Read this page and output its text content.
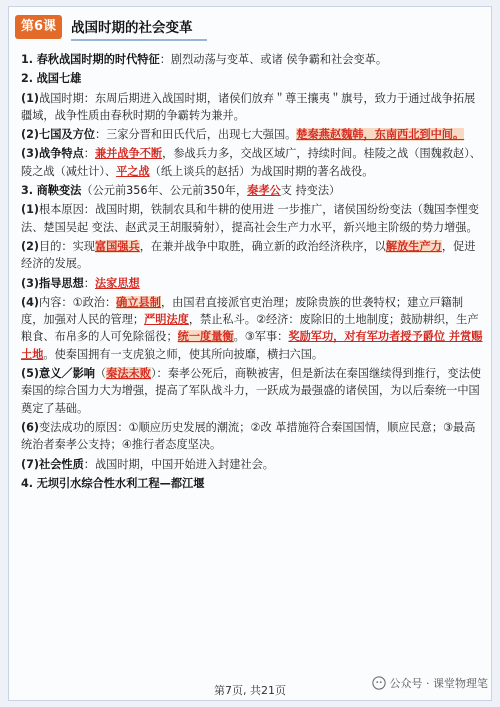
第6课	战国时期的社会变革

1. 春秋战国时期的时代特征：剧烈动荡与变革、或诸 侯争霸和社会变革。

2. 战国七雄

(1)战国时期：东周后期进入战国时期，诸侯们放弃＂尊王攘夷＂旗号，致力于通过战争拓展疆域，战争性质由春秋时期的争霸转为兼并。

(2)七国及方位：三家分晋和田氏代后，出现七大强国。楚秦燕赵魏韩，东南西北到中间。

(3)战争特点：兼并战争不断，参战兵力多，交战区域广，持续时间。桂陵之战（围魏救赵）、陵之战（减灶计）、平之战（纸上谈兵的赵括）为战国时期的著名战役。

3. 商鞅变法（公元前356年、公元前350年，秦孝公支 持变法）

(1)根本原因：战国时期，铁制农具和牛耕的使用进 一步推广，诸侯国纷纷变法（魏国李悝变法、楚国吴起 变法、赵武灵王胡服骑射），提高社会生产力水平，新兴地主阶级的势力增强。

(2)目的：实现富国强兵，在兼并战争中取胜，确立新的政治经济秩序，以解放生产力，促进经济的发展。

(3)指导思想：法家思想

(4)内容：①政治：确立县制，由国君直接派官吏治理；废除贵族的世袭特权；建立戸籍制度，加强对人民的管理；严明法度，禁止私斗。②经济：废除旧的土地制度；鼓励耕织，生产粮食、布帛多的人可免除徭役；统一度量衡。③军事：奖励军功，对有军功者授予爵位 并赏赐土地。使秦国拥有一支虎狼之师，使其所向披靡，横扫六国。

(5)意义／影响（秦法未败）：秦孝公死后，商鞅被害，但是新法在秦国继续得到推行，变法使秦国的综合国力大为增强，提高了军队战斗力，一跃成为最强盛的诸侯国，为以后秦统一中国奠定了基础。

(6)变法成功的原因：①顺应历史发展的潮流；②改 革措施符合秦国国情，顺应民意；③最高统治者秦孝公支持；④推行者态度坚决。

(7)社会性质：战国时期，中国开始进入封建社会。

4. 无坝引水综合性水利工程—都江堰

第7页, 共21页
公众号 · 课堂物理笔
